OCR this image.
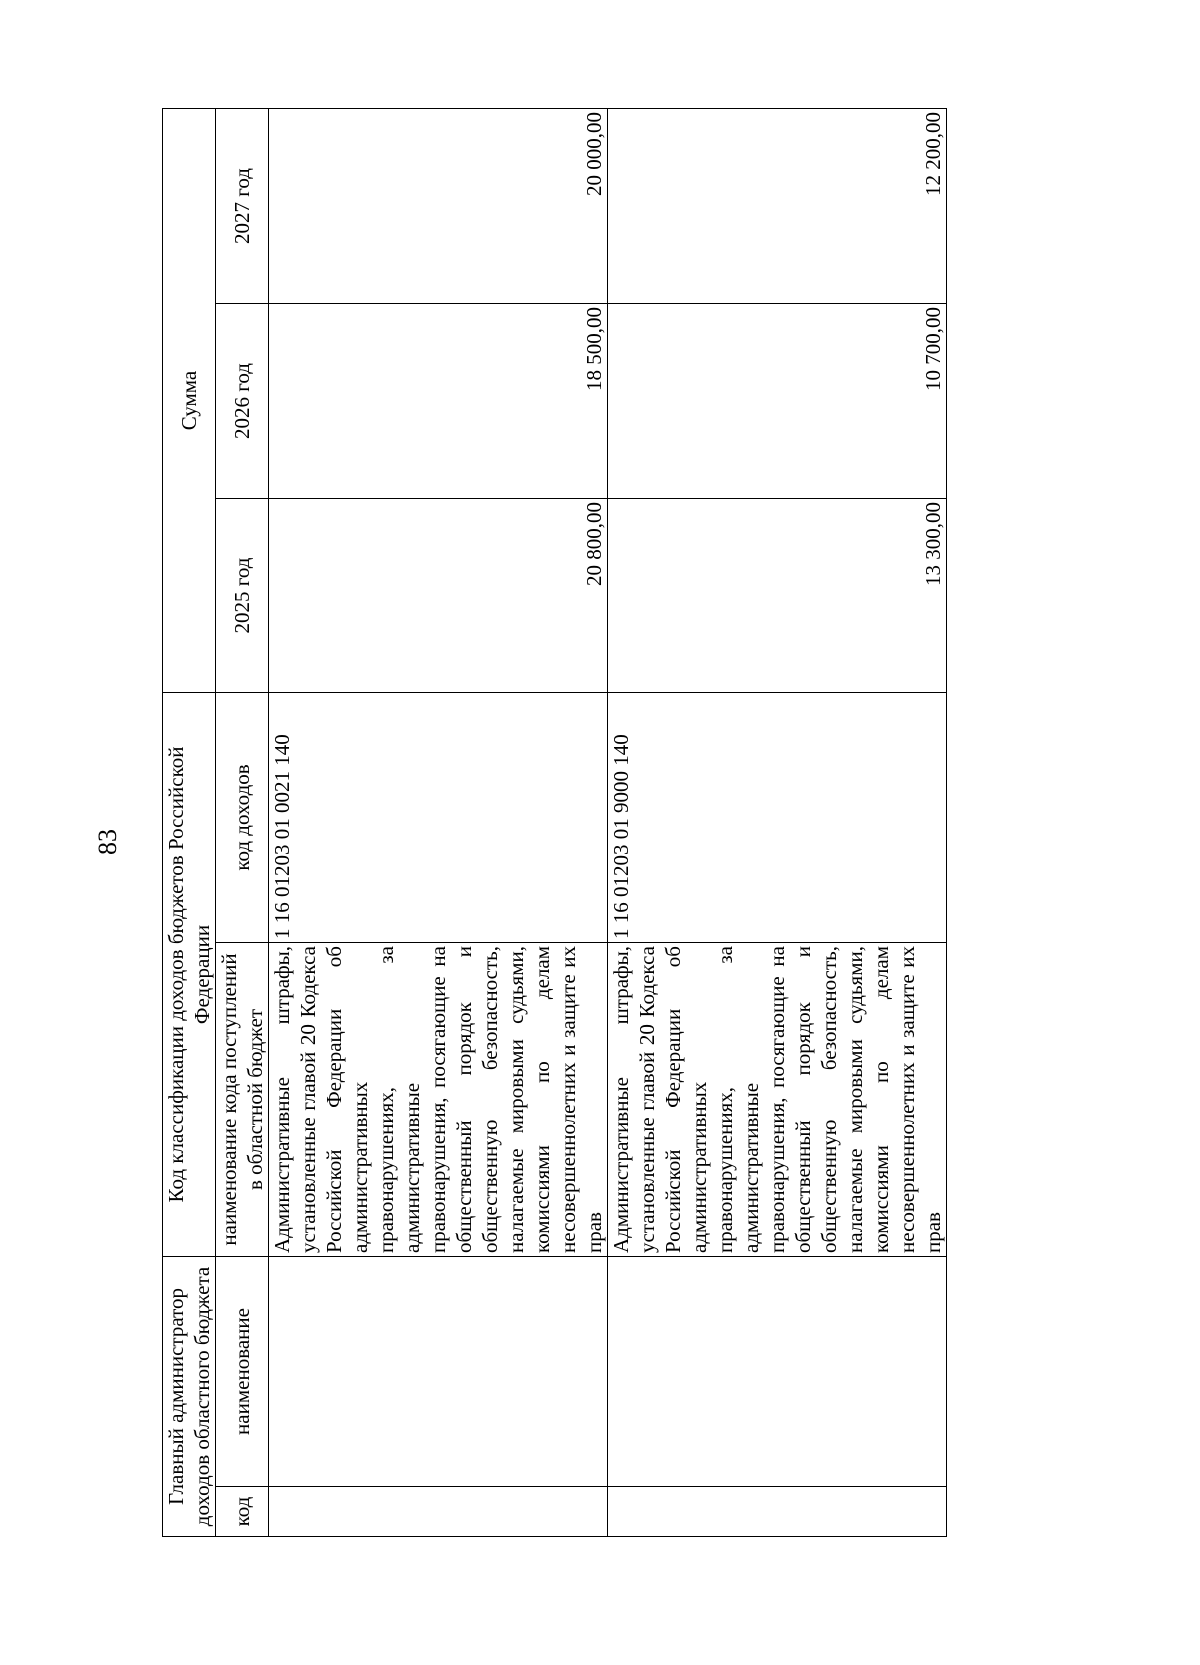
83
Главный администратор доходов областного бюджета		Код классификации доходов бюджетов Российской Федерации		Сумма		
код	наименование	наименование кода поступлений в областной бюджет	код доходов	2025 год	2026 год	2027 год
		Административные штрафы, установленные главой 20 Кодекса Российской Федерации об административных правонарушениях, за административные правонарушения, посягающие на общественный порядок и общественную безопасность, налагаемые мировыми судьями, комиссиями по делам несовершеннолетних и защите их прав	1 16 01203 01 0021 140	20 800,00	18 500,00	20 000,00
		Административные штрафы, установленные главой 20 Кодекса Российской Федерации об административных правонарушениях, за административные правонарушения, посягающие на общественный порядок и общественную безопасность, налагаемые мировыми судьями, комиссиями по делам несовершеннолетних и защите их прав	1 16 01203 01 9000 140	13 300,00	10 700,00	12 200,00
